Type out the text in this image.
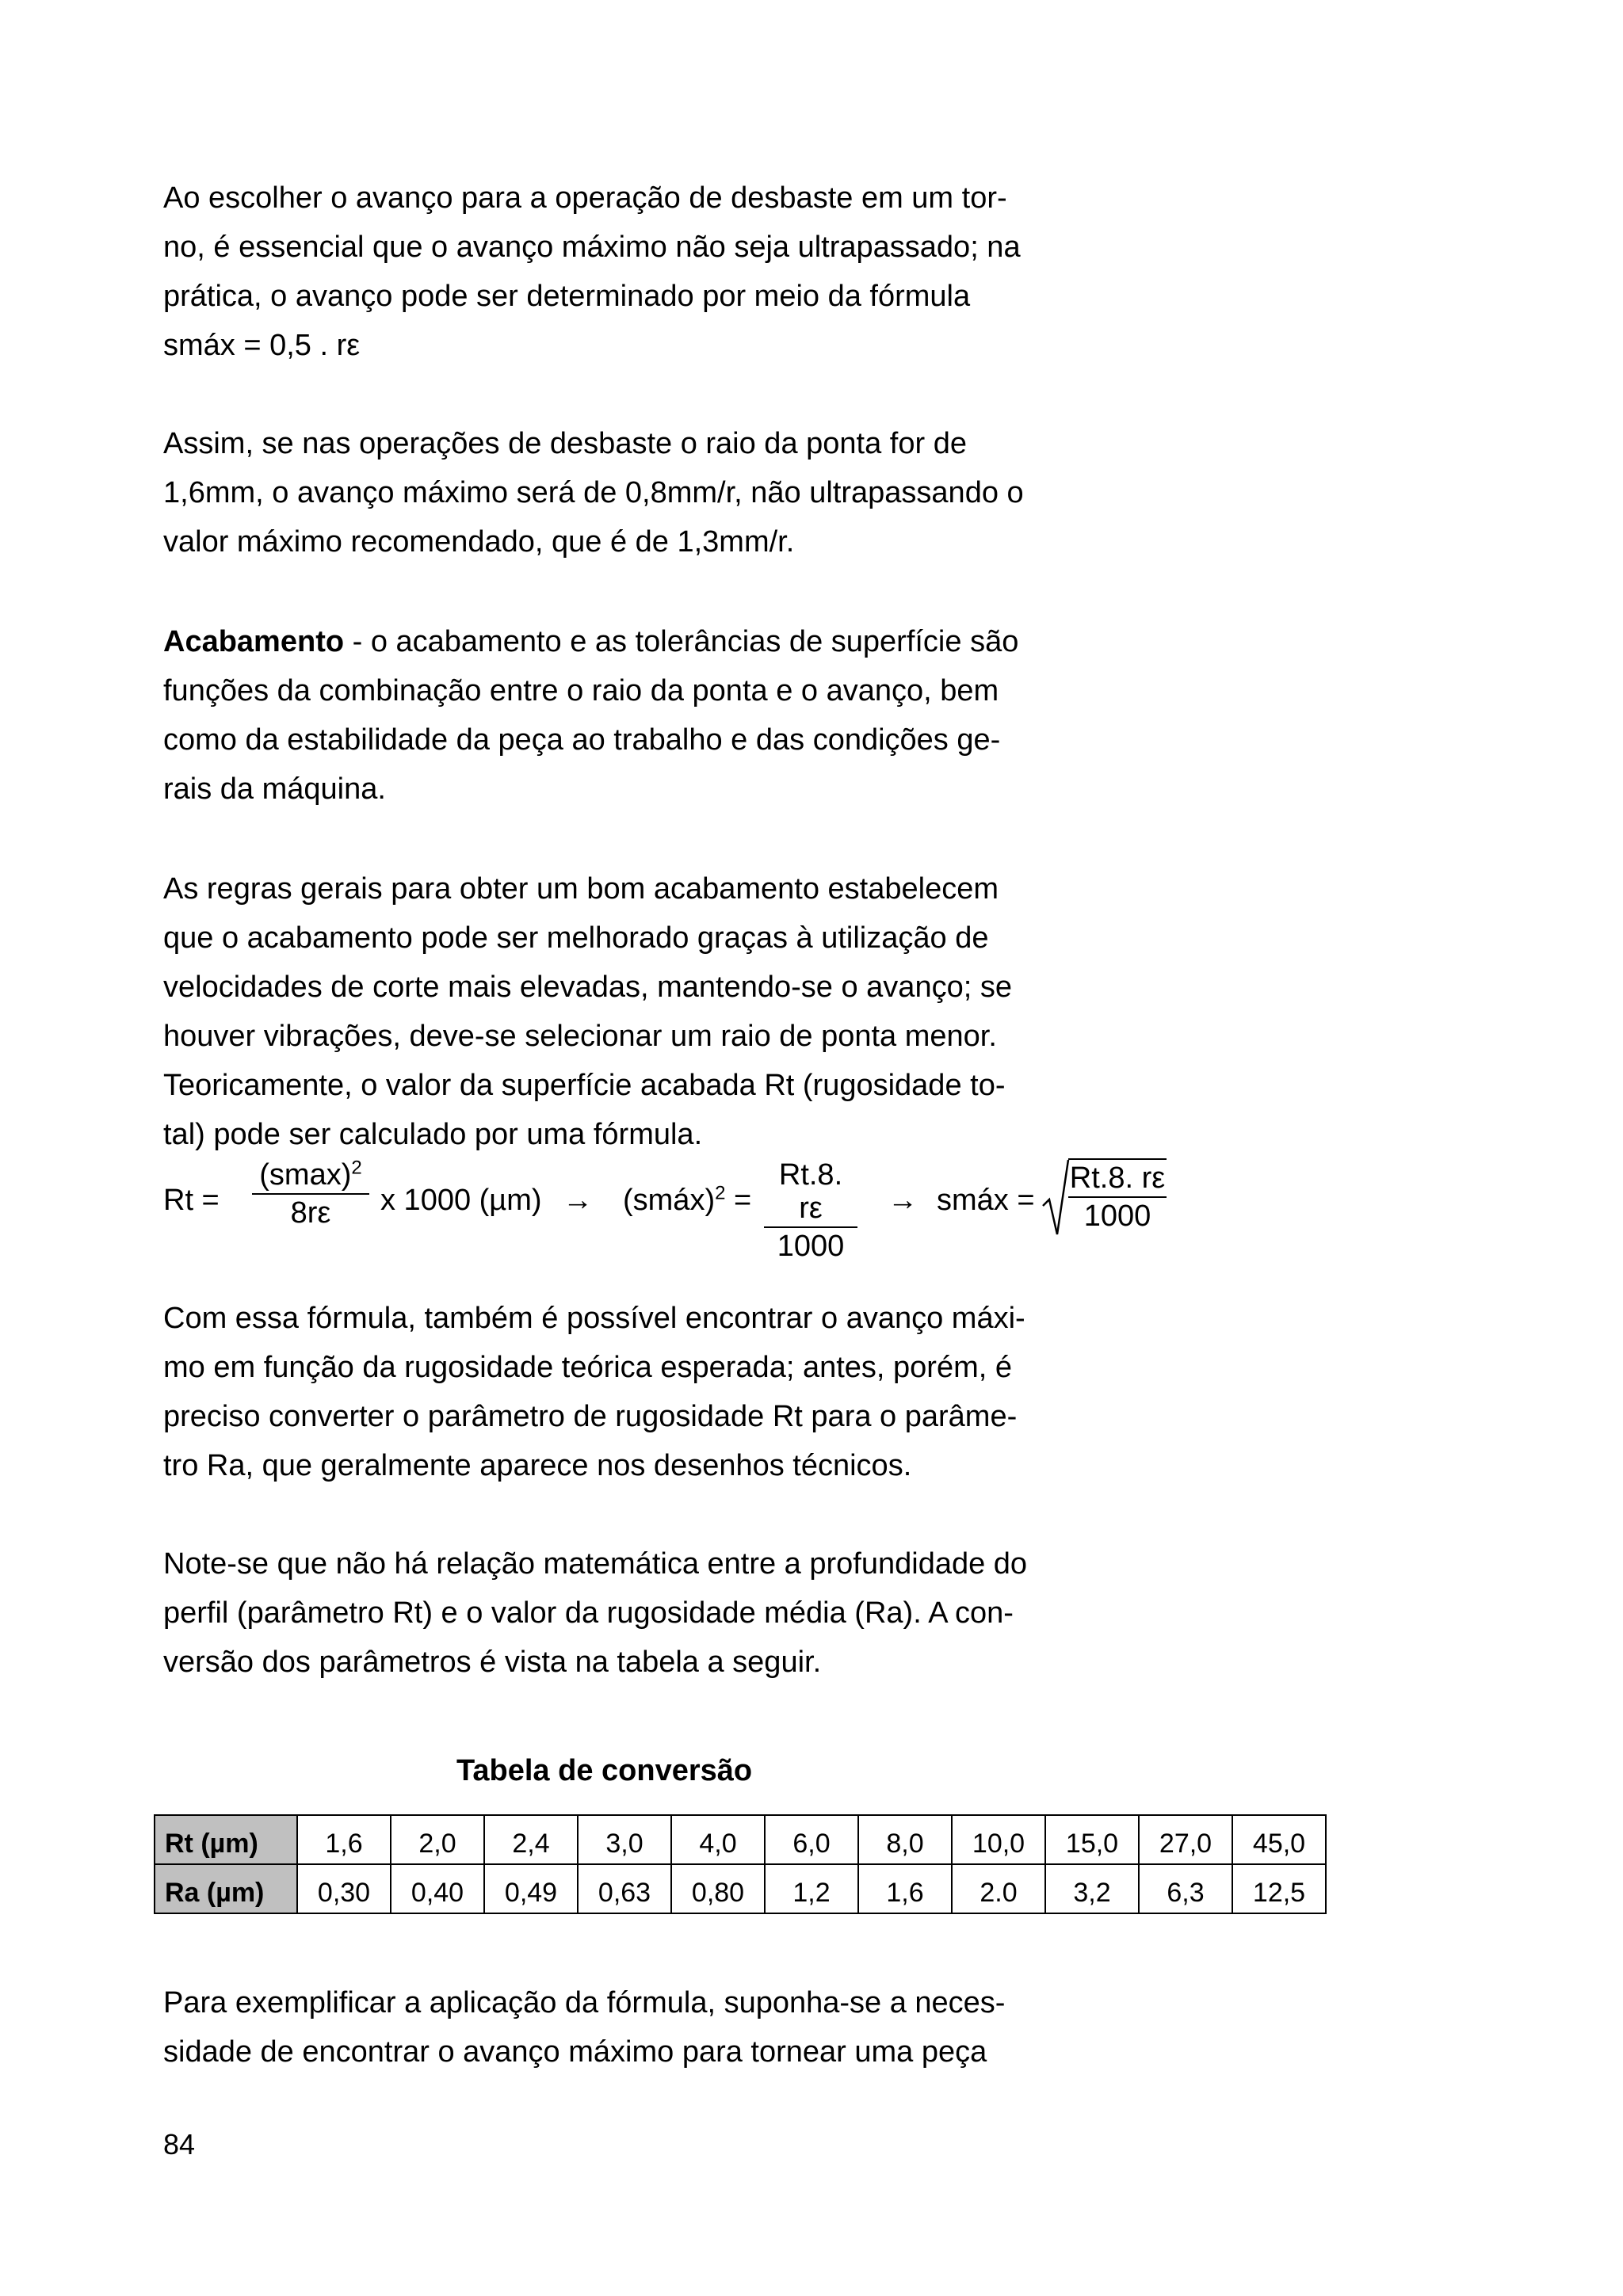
Ao escolher o avanço para a operação de desbaste em um tor-
no, é essencial que o avanço máximo não seja ultrapassado; na
prática, o avanço pode ser determinado por meio da fórmula
smáx = 0,5 . rε
Assim, se nas operações de desbaste o raio da ponta for de
1,6mm, o avanço máximo será de 0,8mm/r, não ultrapassando o
valor máximo recomendado, que é de 1,3mm/r.
Acabamento - o acabamento e as tolerâncias de superfície são
funções da combinação entre o raio da ponta e o avanço, bem
como da estabilidade da peça ao trabalho e das condições ge-
rais da máquina.
As regras gerais para obter um bom acabamento estabelecem
que o acabamento pode ser melhorado graças à utilização de
velocidades de corte mais elevadas, mantendo-se o avanço; se
houver vibrações, deve-se selecionar um raio de ponta menor.
Teoricamente, o valor da superfície acabada Rt (rugosidade to-
tal) pode ser calculado por uma fórmula.
Rt =
$(smax)^2$
8rε	x 1000 (µm) → (smáx)$^2$ =
Rt.8. rε
1000
→ smáx =
Rt.8. rε
1000
Com essa fórmula, também é possível encontrar o avanço máxi-
mo em função da rugosidade teórica esperada; antes, porém, é
preciso converter o parâmetro de rugosidade Rt para o parâme-
tro Ra, que geralmente aparece nos desenhos técnicos.
Note-se que não há relação matemática entre a profundidade do
perfil (parâmetro Rt) e o valor da rugosidade média (Ra). A con-
versão dos parâmetros é vista na tabela a seguir.
Tabela de conversão
Rt (µm)	1,6	2,0	2,4	3,0	4,0	6,0	8,0	10,0	15,0	27,0	45,0
Ra (µm)	0,30	0,40	0,49	0,63	0,80	1,2	1,6	2.0	3,2	6,3	12,5
Para exemplificar a aplicação da fórmula, suponha-se a neces-
sidade de encontrar o avanço máximo para tornear uma peça
84
